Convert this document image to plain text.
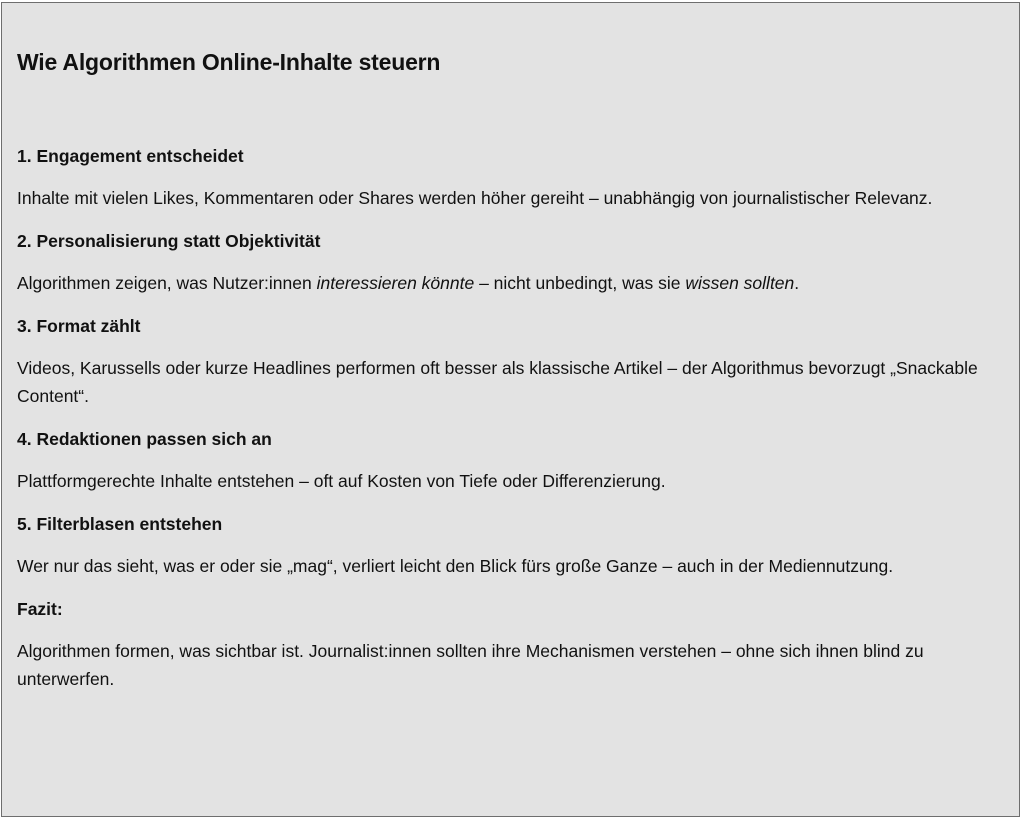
Wie Algorithmen Online-Inhalte steuern

1. Engagement entscheidet

Inhalte mit vielen Likes, Kommentaren oder Shares werden höher gereiht – unabhängig von journalistischer Relevanz.

2. Personalisierung statt Objektivität

Algorithmen zeigen, was Nutzer:innen interessieren könnte – nicht unbedingt, was sie wissen sollten.

3. Format zählt

Videos, Karussells oder kurze Headlines performen oft besser als klassische Artikel – der Algorithmus bevorzugt „Snackable Content“.

4. Redaktionen passen sich an

Plattformgerechte Inhalte entstehen – oft auf Kosten von Tiefe oder Differenzierung.

5. Filterblasen entstehen

Wer nur das sieht, was er oder sie „mag“, verliert leicht den Blick fürs große Ganze – auch in der Mediennutzung.

Fazit:

Algorithmen formen, was sichtbar ist. Journalist:innen sollten ihre Mechanismen verstehen – ohne sich ihnen blind zu unterwerfen.
